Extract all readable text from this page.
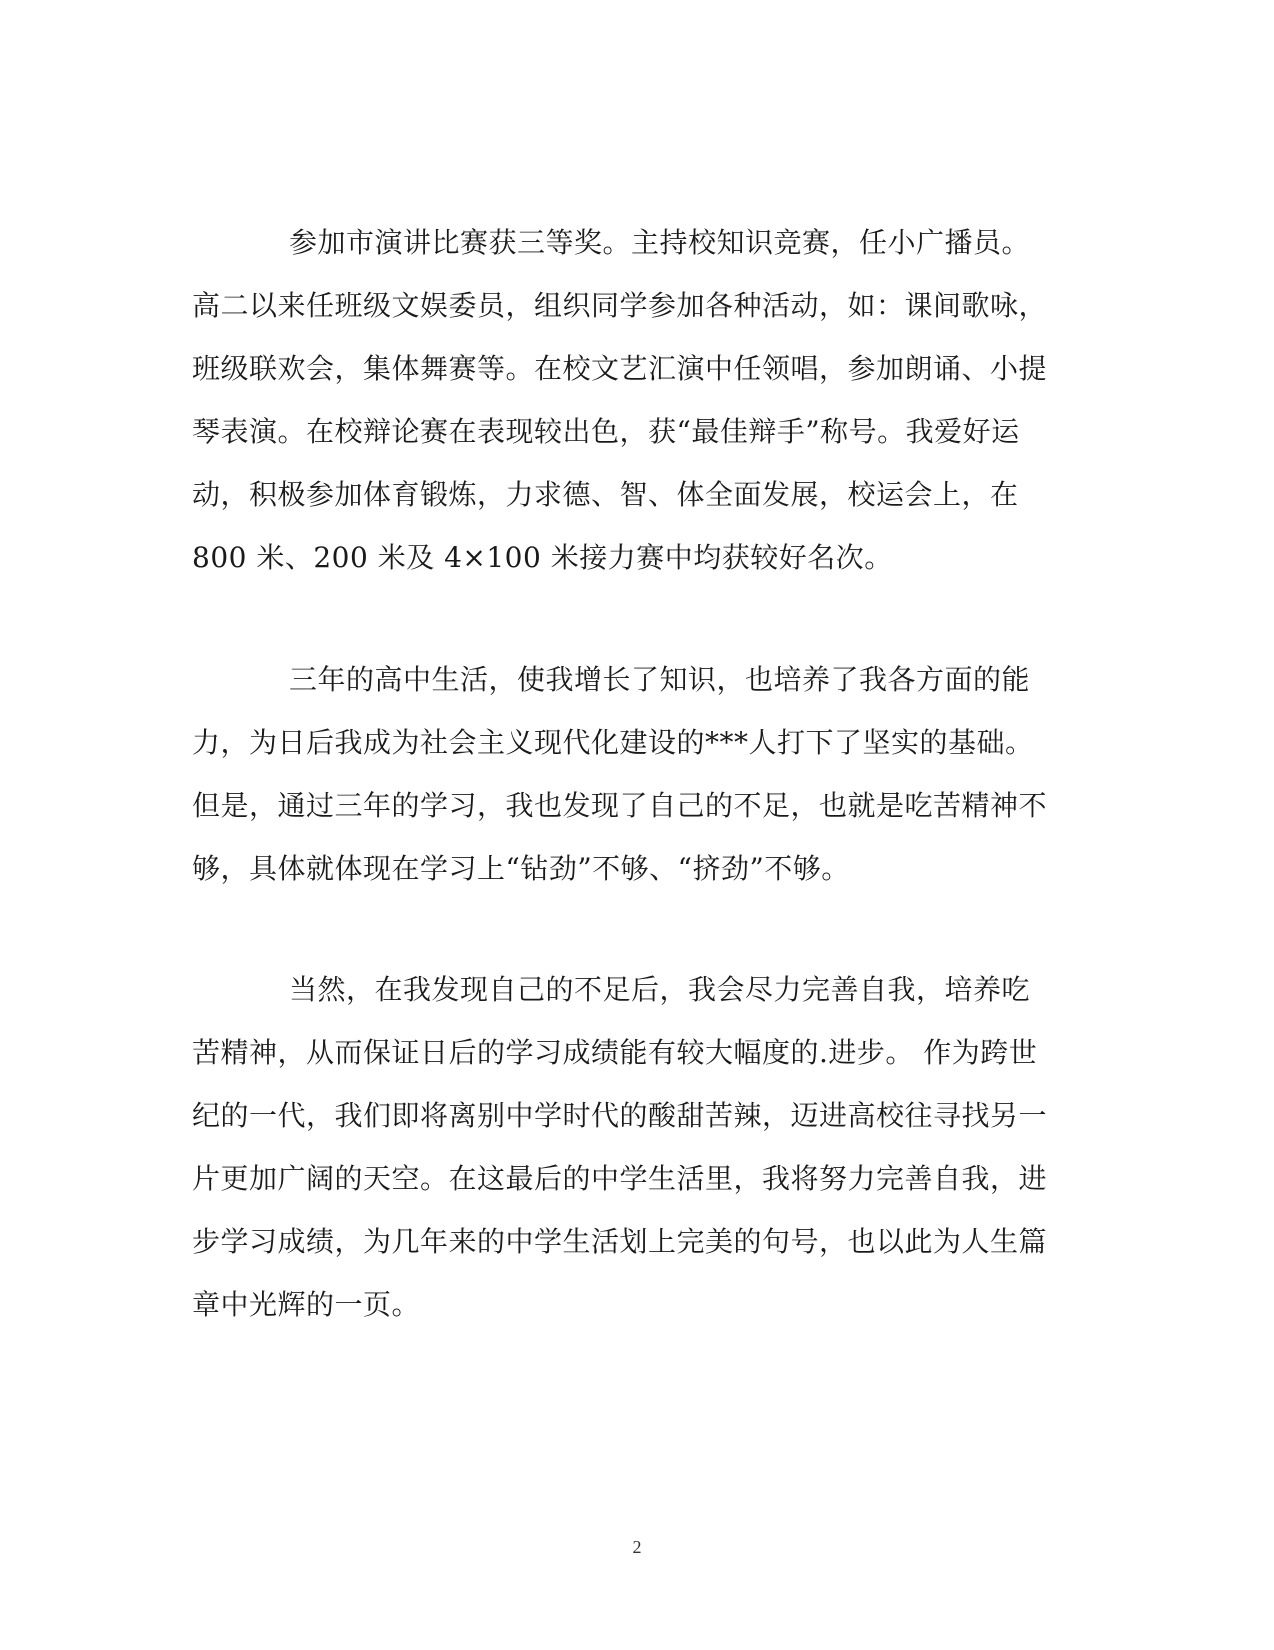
参加市演讲比赛获三等奖。主持校知识竞赛，任小广播员。
高二以来任班级文娱委员，组织同学参加各种活动，如：课间歌咏，
班级联欢会，集体舞赛等。在校文艺汇演中任领唱，参加朗诵、小提
琴表演。在校辩论赛在表现较出色，获“最佳辩手”称号。我爱好运
动，积极参加体育锻炼，力求德、智、体全面发展，校运会上，在
800 米、200 米及 4×100 米接力赛中均获较好名次。
三年的高中生活，使我增长了知识，也培养了我各方面的能
力，为日后我成为社会主义现代化建设的***人打下了坚实的基础。
但是，通过三年的学习，我也发现了自己的不足，也就是吃苦精神不
够，具体就体现在学习上“钻劲”不够、“挤劲”不够。
当然，在我发现自己的不足后，我会尽力完善自我，培养吃
苦精神，从而保证日后的学习成绩能有较大幅度的.进步。 作为跨世
纪的一代，我们即将离别中学时代的酸甜苦辣，迈进高校往寻找另一
片更加广阔的天空。在这最后的中学生活里，我将努力完善自我，进
步学习成绩，为几年来的中学生活划上完美的句号，也以此为人生篇
章中光辉的一页。
2
